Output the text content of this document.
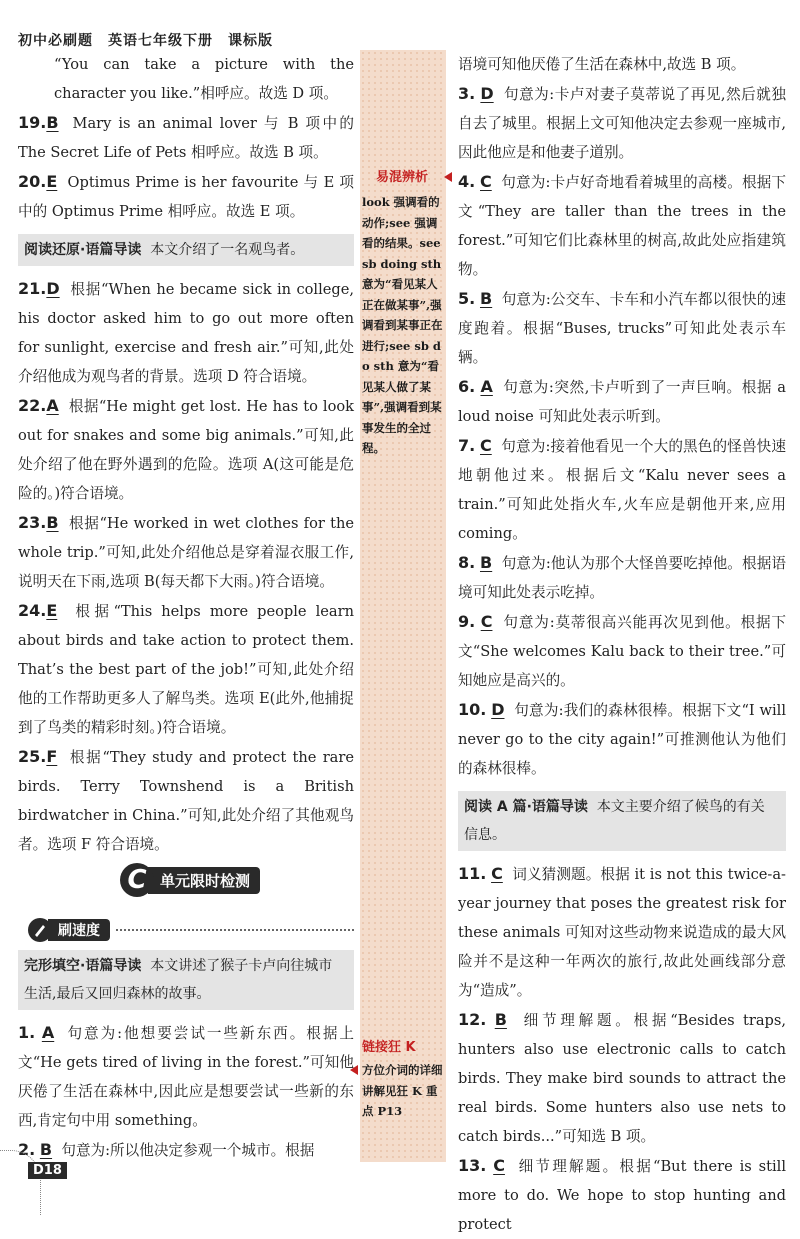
初中必刷题　英语七年级下册　课标版

“You can take a picture with the character you like.”相呼应。故选 D 项。

19.B Mary is an animal lover 与 B 项中的 The Secret Life of Pets 相呼应。故选 B 项。

20.E Optimus Prime is her favourite 与 E 项中的 Optimus Prime 相呼应。故选 E 项。

阅读还原·语篇导读 本文介绍了一名观鸟者。

21.D 根据“When he became sick in college, his doctor asked him to go out more often for sunlight, exercise and fresh air.”可知,此处介绍他成为观鸟者的背景。选项 D 符合语境。

22.A 根据“He might get lost. He has to look out for snakes and some big animals.”可知,此处介绍了他在野外遇到的危险。选项 A(这可能是危险的。)符合语境。

23.B 根据“He worked in wet clothes for the whole trip.”可知,此处介绍他总是穿着湿衣服工作,说明天在下雨,选项 B(每天都下大雨。)符合语境。

24.E 根据“This helps more people learn about birds and take action to protect them. That’s the best part of the job!”可知,此处介绍他的工作帮助更多人了解鸟类。选项 E(此外,他捕捉到了鸟类的精彩时刻。)符合语境。

25.F 根据“They study and protect the rare birds. Terry Townshend is a British birdwatcher in China.”可知,此处介绍了其他观鸟者。选项 F 符合语境。

C 单元限时检测
刷速度
完形填空·语篇导读 本文讲述了猴子卡卢向往城市生活,最后又回归森林的故事。

1. A 句意为:他想要尝试一些新东西。根据上文“He gets tired of living in the forest.”可知他厌倦了生活在森林中,因此应是想要尝试一些新的东西,肯定句中用 something。

2. B 句意为:所以他决定参观一个城市。根据

易混辨析
look 强调看的动作;see 强调看的结果。see sb doing sth 意为“看见某人正在做某事”,强调看到某事正在进行;see sb do sth 意为“看见某人做了某事”,强调看到某事发生的全过程。
链接狂 K
方位介词的详细讲解见狂 K 重点 P13

语境可知他厌倦了生活在森林中,故选 B 项。

3. D 句意为:卡卢对妻子莫蒂说了再见,然后就独自去了城里。根据上文可知他决定去参观一座城市,因此他应是和他妻子道别。

4. C 句意为:卡卢好奇地看着城里的高楼。根据下文“They are taller than the trees in the forest.”可知它们比森林里的树高,故此处应指建筑物。

5. B 句意为:公交车、卡车和小汽车都以很快的速度跑着。根据“Buses, trucks”可知此处表示车辆。

6. A 句意为:突然,卡卢听到了一声巨响。根据 a loud noise 可知此处表示听到。

7. C 句意为:接着他看见一个大的黑色的怪兽快速地朝他过来。根据后文“Kalu never sees a train.”可知此处指火车,火车应是朝他开来,应用 coming。

8. B 句意为:他认为那个大怪兽要吃掉他。根据语境可知此处表示吃掉。

9. C 句意为:莫蒂很高兴能再次见到他。根据下文“She welcomes Kalu back to their tree.”可知她应是高兴的。

10. D 句意为:我们的森林很棒。根据下文“I will never go to the city again!”可推测他认为他们的森林很棒。

阅读 A 篇·语篇导读 本文主要介绍了候鸟的有关信息。

11. C 词义猜测题。根据 it is not this twice-a-year journey that poses the greatest risk for these animals 可知对这些动物来说造成的最大风险并不是这种一年两次的旅行,故此处画线部分意为“造成”。

12. B 细节理解题。根据“Besides traps, hunters also use electronic calls to catch birds. They make bird sounds to attract the real birds. Some hunters also use nets to catch birds...”可知选 B 项。

13. C 细节理解题。根据“But there is still more to do. We hope to stop hunting and protect

D18
